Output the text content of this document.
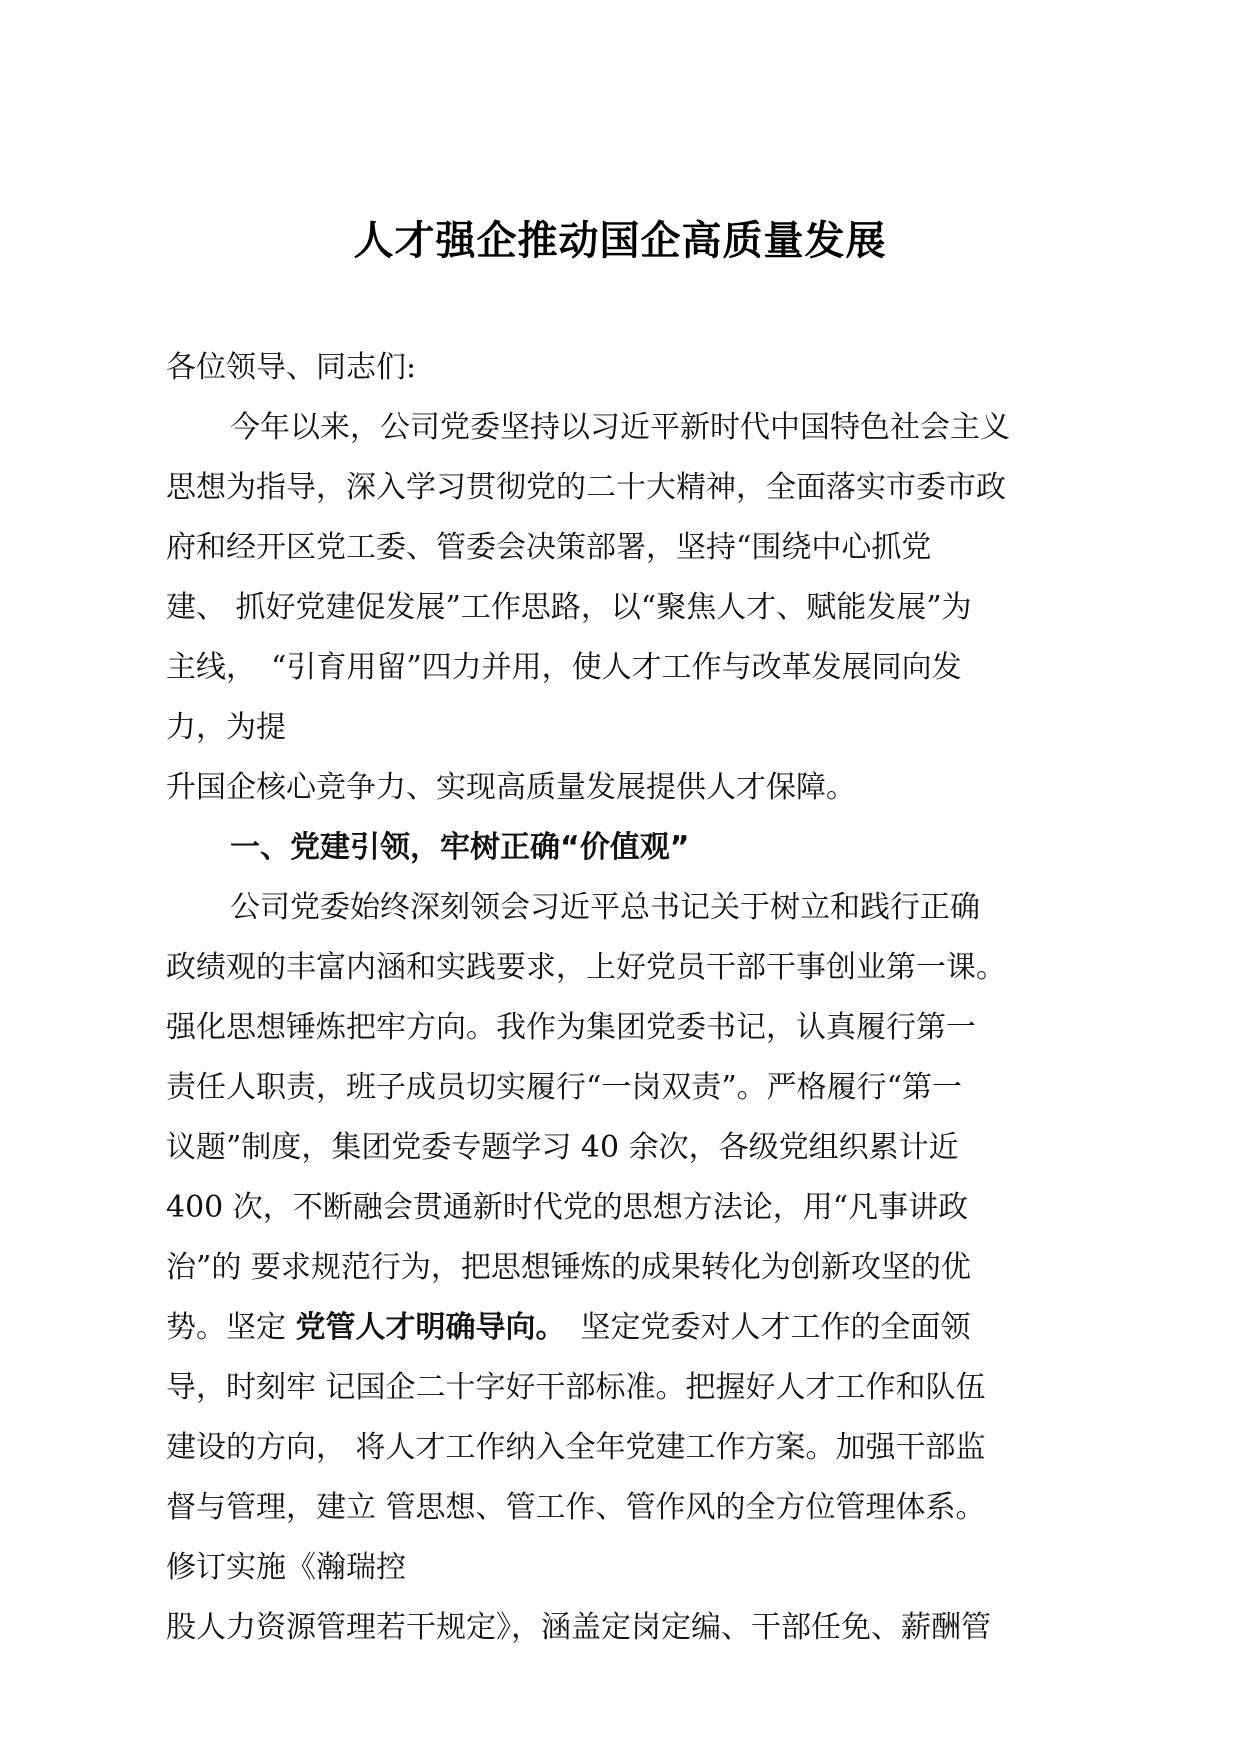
人才强企推动国企高质量发展
各位领导、同志们:
今年以来，公司党委坚持以习近平新时代中国特色社会主义
思想为指导，深入学习贯彻党的二十大精神，全面落实市委市政
府和经开区党工委、管委会决策部署，坚持“围绕中心抓党
建、 抓好党建促发展”工作思路，以“聚焦人才、赋能发展”为
主线，　“引育用留”四力并用，使人才工作与改革发展同向发
力，为提
升国企核心竞争力、实现高质量发展提供人才保障。
一、党建引领，牢树正确“价值观”
公司党委始终深刻领会习近平总书记关于树立和践行正确
政绩观的丰富内涵和实践要求，上好党员干部干事创业第一课。
强化思想锤炼把牢方向。我作为集团党委书记，认真履行第一
责任人职责，班子成员切实履行“一岗双责”。严格履行“第一
议题”制度，集团党委专题学习 40 余次，各级党组织累计近
400 次，不断融会贯通新时代党的思想方法论，用“凡事讲政
治”的 要求规范行为，把思想锤炼的成果转化为创新攻坚的优
势。坚定 党管人才明确导向。　坚定党委对人才工作的全面领
导，时刻牢 记国企二十字好干部标准。把握好人才工作和队伍
建设的方向， 将人才工作纳入全年党建工作方案。加强干部监
督与管理，建立 管思想、管工作、管作风的全方位管理体系。
修订实施《瀚瑞控
股人力资源管理若干规定》，涵盖定岗定编、干部任免、薪酬管
